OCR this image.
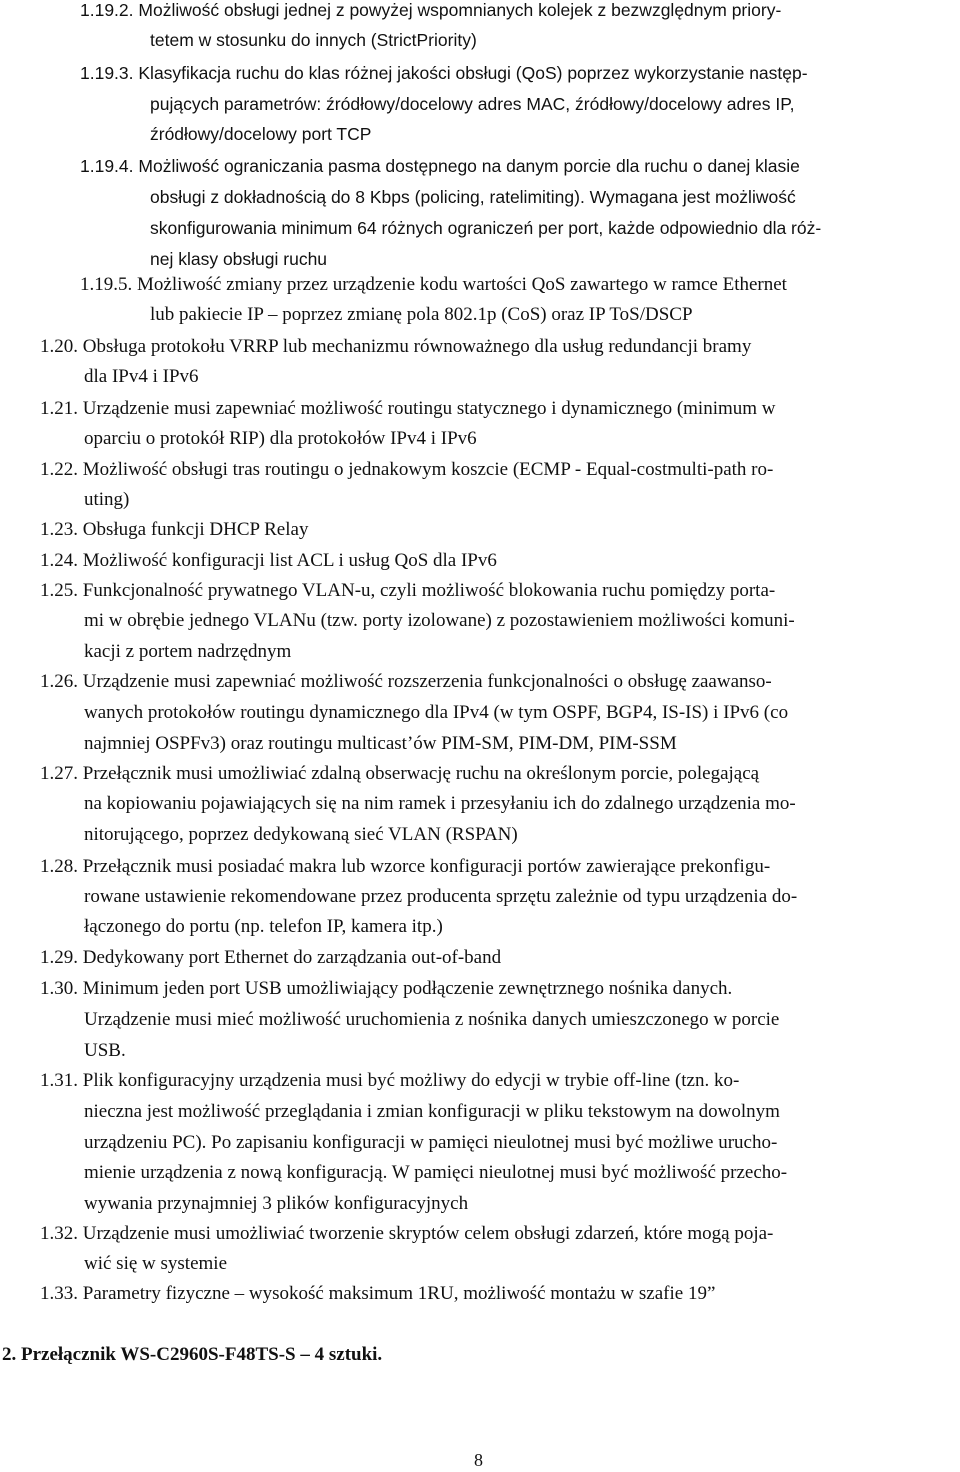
1.19.2. Możliwość obsługi jednej z powyżej wspomnianych kolejek z bezwzględnym priory-
tetem w stosunku do innych (StrictPriority)
1.19.3. Klasyfikacja ruchu do klas różnej jakości obsługi (QoS) poprzez wykorzystanie następ-
pujących parametrów: źródłowy/docelowy adres MAC, źródłowy/docelowy adres IP,
źródłowy/docelowy port TCP
1.19.4. Możliwość ograniczania pasma dostępnego na danym porcie dla ruchu o danej klasie
obsługi z dokładnością do 8 Kbps (policing, ratelimiting). Wymagana jest możliwość
skonfigurowania minimum 64 różnych ograniczeń per port, każde odpowiednio dla róż-
nej klasy obsługi ruchu
1.19.5. Możliwość zmiany przez urządzenie kodu wartości QoS zawartego w ramce Ethernet
lub pakiecie IP – poprzez zmianę pola 802.1p (CoS) oraz IP ToS/DSCP
1.20. Obsługa protokołu VRRP lub mechanizmu równoważnego dla usług redundancji bramy
dla IPv4 i IPv6
1.21. Urządzenie musi zapewniać możliwość routingu statycznego i dynamicznego (minimum w
oparciu o protokół RIP) dla protokołów IPv4 i IPv6
1.22. Możliwość obsługi tras routingu o jednakowym koszcie (ECMP - Equal-costmulti-path ro-
uting)
1.23. Obsługa funkcji DHCP Relay
1.24. Możliwość konfiguracji list ACL i usług QoS dla IPv6
1.25. Funkcjonalność prywatnego VLAN-u, czyli możliwość blokowania ruchu pomiędzy porta-
mi w obrębie jednego VLANu (tzw. porty izolowane) z pozostawieniem możliwości komuni-
kacji z portem nadrzędnym
1.26. Urządzenie musi zapewniać możliwość rozszerzenia funkcjonalności o obsługę zaawanso-
wanych protokołów routingu dynamicznego dla IPv4 (w tym OSPF, BGP4, IS-IS) i IPv6 (co
najmniej OSPFv3) oraz routingu multicast’ów PIM-SM, PIM-DM, PIM-SSM
1.27. Przełącznik musi umożliwiać zdalną obserwację ruchu na określonym porcie, polegającą
na kopiowaniu pojawiających się na nim ramek i przesyłaniu ich do zdalnego urządzenia mo-
nitorującego, poprzez dedykowaną sieć VLAN (RSPAN)
1.28. Przełącznik musi posiadać makra lub wzorce konfiguracji portów zawierające prekonfigu-
rowane ustawienie rekomendowane przez producenta sprzętu zależnie od typu urządzenia do-
łączonego do portu (np. telefon IP, kamera itp.)
1.29. Dedykowany port Ethernet do zarządzania out-of-band
1.30. Minimum jeden port USB umożliwiający podłączenie zewnętrznego nośnika danych.
Urządzenie musi mieć możliwość uruchomienia z nośnika danych umieszczonego w porcie
USB.
1.31. Plik konfiguracyjny urządzenia musi być możliwy do edycji w trybie off-line (tzn. ko-
nieczna jest możliwość przeglądania i zmian konfiguracji w pliku tekstowym na dowolnym
urządzeniu PC). Po zapisaniu konfiguracji w pamięci nieulotnej musi być możliwe urucho-
mienie urządzenia z nową konfiguracją. W pamięci nieulotnej musi być możliwość przecho-
wywania przynajmniej 3 plików konfiguracyjnych
1.32. Urządzenie musi umożliwiać tworzenie skryptów celem obsługi zdarzeń, które mogą poja-
wić się w systemie
1.33. Parametry fizyczne – wysokość maksimum 1RU, możliwość montażu w szafie 19”
2. Przełącznik WS-C2960S-F48TS-S – 4 sztuki.
8
